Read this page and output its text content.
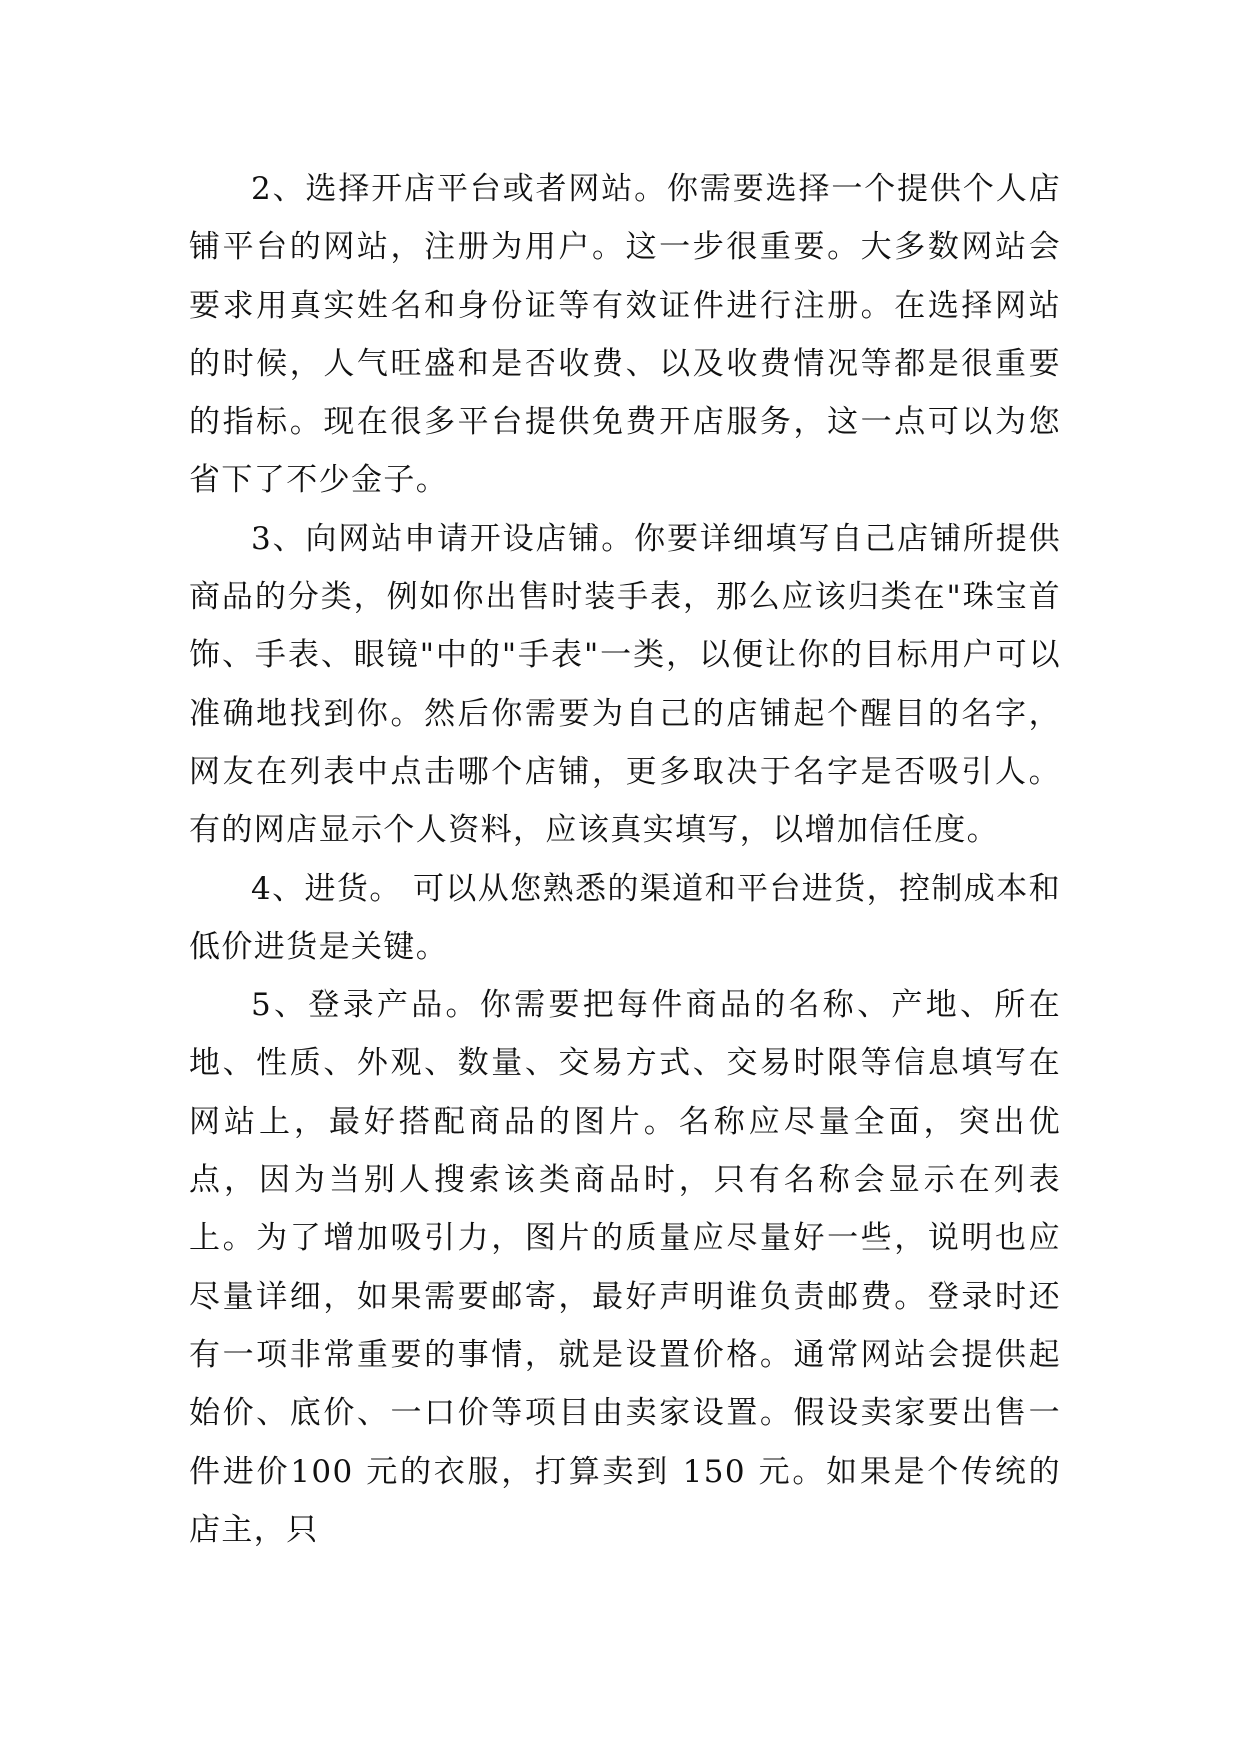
2、选择开店平台或者网站。你需要选择一个提供个人店铺平台的网站，注册为用户。这一步很重要。大多数网站会要求用真实姓名和身份证等有效证件进行注册。在选择网站的时候，人气旺盛和是否收费、以及收费情况等都是很重要的指标。现在很多平台提供免费开店服务，这一点可以为您省下了不少金子。

3、向网站申请开设店铺。你要详细填写自己店铺所提供商品的分类，例如你出售时装手表，那么应该归类在"珠宝首饰、手表、眼镜"中的"手表"一类，以便让你的目标用户可以准确地找到你。然后你需要为自己的店铺起个醒目的名字，网友在列表中点击哪个店铺，更多取决于名字是否吸引人。有的网店显示个人资料，应该真实填写，以增加信任度。

4、进货。 可以从您熟悉的渠道和平台进货，控制成本和低价进货是关键。

5、登录产品。你需要把每件商品的名称、产地、所在地、性质、外观、数量、交易方式、交易时限等信息填写在网站上，最好搭配商品的图片。名称应尽量全面，突出优点，因为当别人搜索该类商品时，只有名称会显示在列表上。为了增加吸引力，图片的质量应尽量好一些，说明也应尽量详细，如果需要邮寄，最好声明谁负责邮费。登录时还有一项非常重要的事情，就是设置价格。通常网站会提供起始价、底价、一口价等项目由卖家设置。假设卖家要出售一件进价100 元的衣服，打算卖到 150 元。如果是个传统的店主，只
